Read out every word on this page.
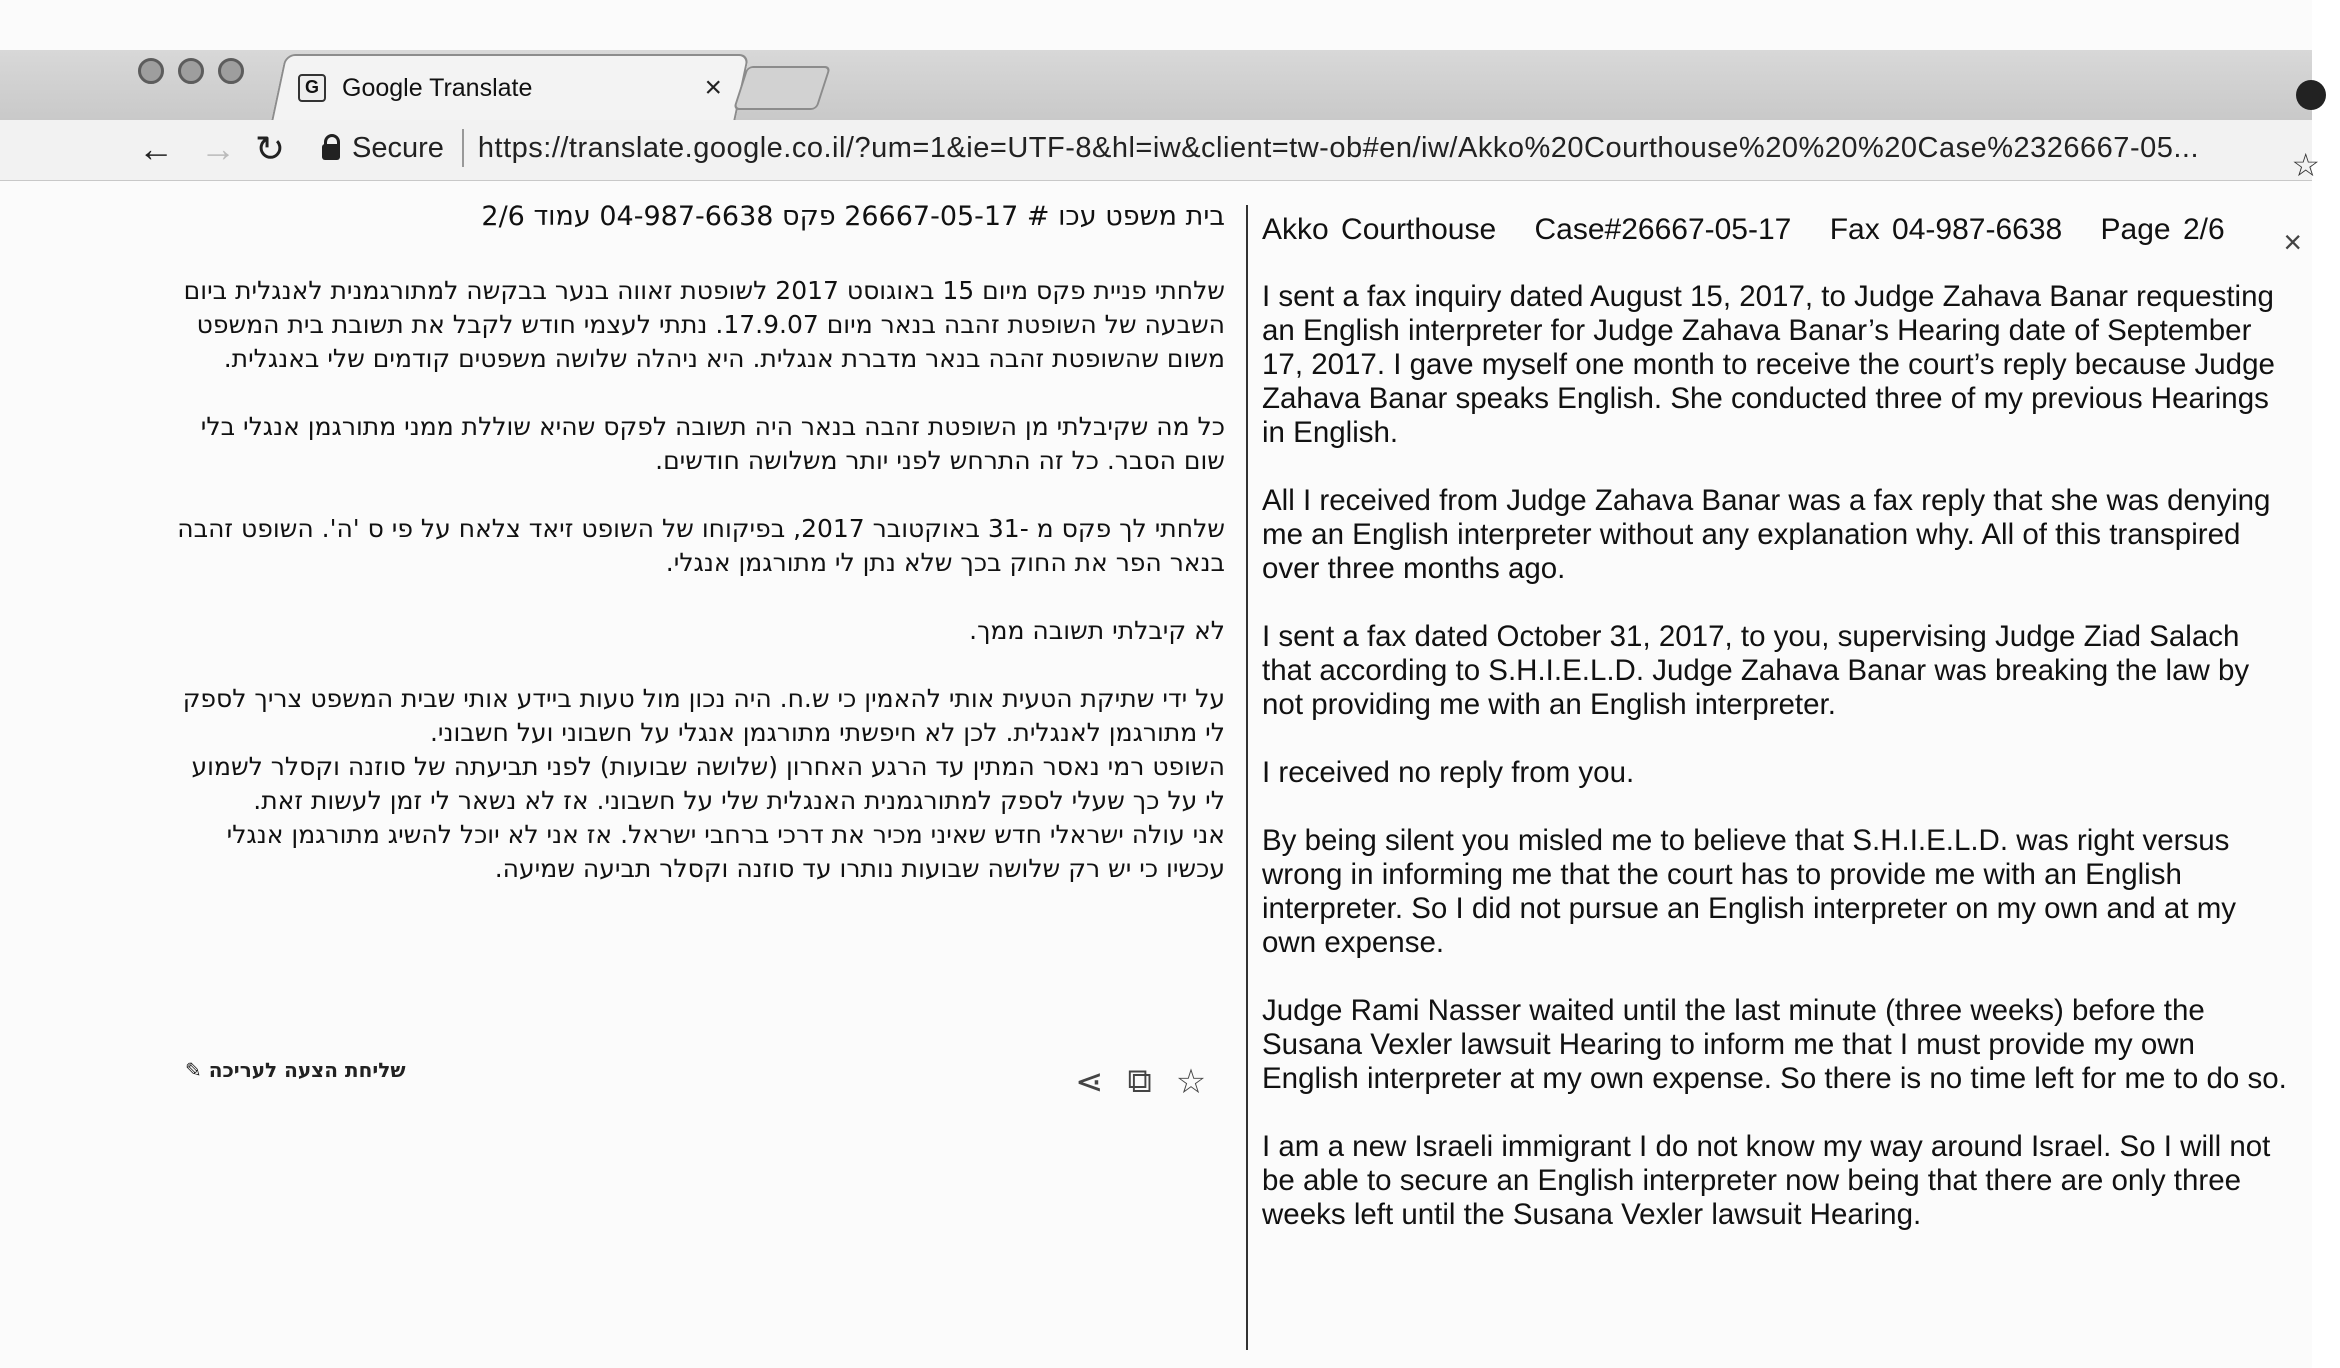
G Google Translate	×
← → ↻ Secure https://translate.google.co.il/?um=1&ie=UTF-8&hl=iw&client=tw-ob#en/iw/Akko%20Courthouse%20%20%20Case%2326667-05...	☆
בית משפט עכו # 26667-05-17 פקס 04-987-6638 עמוד 2/6

שלחתי פניית פקס מיום 15 באוגוסט 2017 לשופטת זאווה בנער בבקשה למתורגמנית לאנגלית ביום השבעה של השופטת זהבה בנאר מיום 17.9.07. נתתי לעצמי חודש לקבל את תשובת בית המשפט משום שהשופטת זהבה בנאר מדברת אנגלית. היא ניהלה שלושה משפטים קודמים שלי באנגלית.

כל מה שקיבלתי מן השופטת זהבה בנאר היה תשובה לפקס שהיא שוללת ממני מתורגמן אנגלי בלי שום הסבר. כל זה התרחש לפני יותר משלושה חודשים.

שלחתי לך פקס מ -31 באוקטובר 2017, בפיקוחו של השופט זיאד צלאח על פי ס 'ה'. השופט זהבה בנאר הפר את החוק בכך שלא נתן לי מתורגמן אנגלי.

לא קיבלתי תשובה ממך.

על ידי שתיקת הטעית אותי להאמין כי ש.ח. היה נכון מול טעות ביידע אותי שבית המשפט צריך לספק לי מתורגמן לאנגלית. לכן לא חיפשתי מתורגמן אנגלי על חשבוני ועל חשבוני.

השופט רמי נאסר המתין עד הרגע האחרון (שלושה שבועות) לפני תביעתה של סוזנה וקסלר לשמוע לי על כך שעלי לספק למתורגמנית האנגלית שלי על חשבוני. אז לא נשאר לי זמן לעשות זאת.

אני עולה ישראלי חדש שאיני מכיר את דרכי ברחבי ישראל. אז אני לא יוכל להשיג מתורגמן אנגלי עכשיו כי יש רק שלושה שבועות נותרו עד סוזנה וקסלר תביעה שמיעה.

⋖ ⧉ ☆
שליחת הצעה לעריכה ✎
Akko Courthouse Case#26667-05-17 Fax 04-987-6638 Page 2/6 ×

I sent a fax inquiry dated August 15, 2017, to Judge Zahava Banar requesting an English interpreter for Judge Zahava Banar’s Hearing date of September 17, 2017. I gave myself one month to receive the court’s reply because Judge Zahava Banar speaks English. She conducted three of my previous Hearings in English.

All I received from Judge Zahava Banar was a fax reply that she was denying me an English interpreter without any explanation why. All of this transpired over three months ago.

I sent a fax dated October 31, 2017, to you, supervising Judge Ziad Salach that according to S.H.I.E.L.D. Judge Zahava Banar was breaking the law by not providing me with an English interpreter.

I received no reply from you.

By being silent you misled me to believe that S.H.I.E.L.D. was right versus wrong in informing me that the court has to provide me with an English interpreter. So I did not pursue an English interpreter on my own and at my own expense.

Judge Rami Nasser waited until the last minute (three weeks) before the Susana Vexler lawsuit Hearing to inform me that I must provide my own English interpreter at my own expense. So there is no time left for me to do so.

I am a new Israeli immigrant I do not know my way around Israel. So I will not be able to secure an English interpreter now being that there are only three weeks left until the Susana Vexler lawsuit Hearing.
